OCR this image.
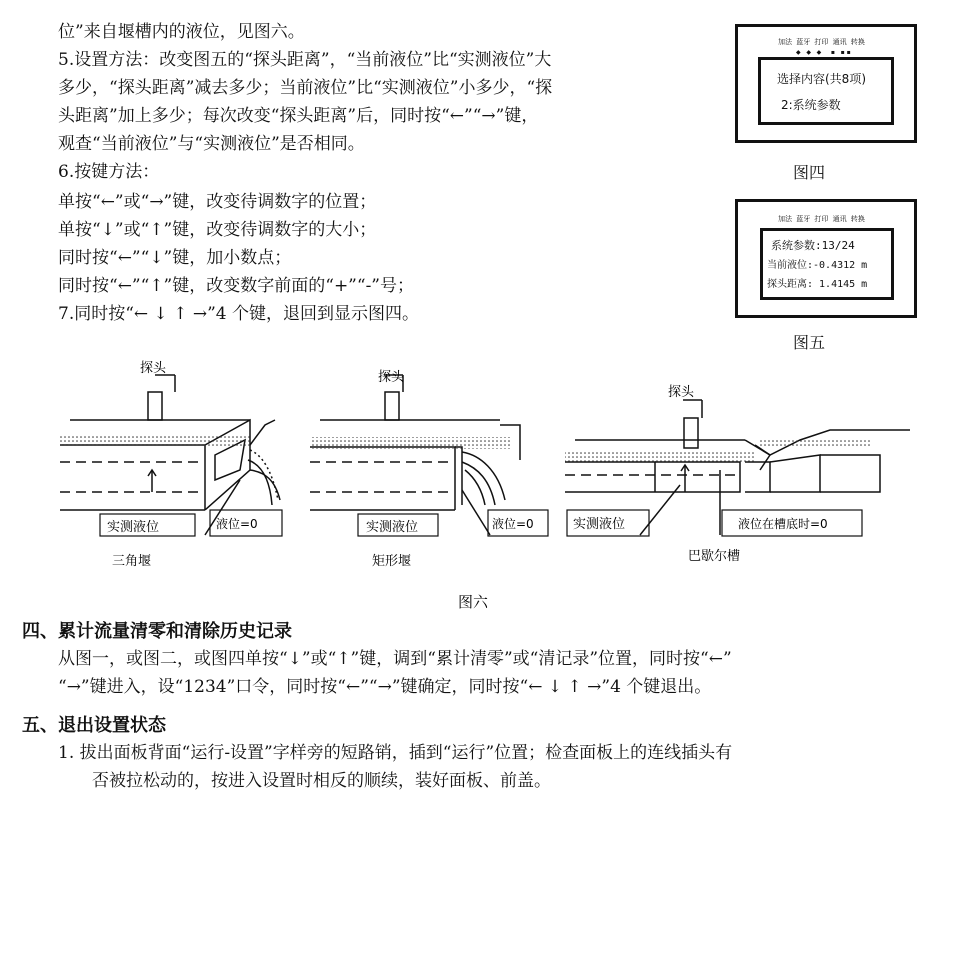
位”来自堰槽内的液位，见图六。
5.设置方法：改变图五的“探头距离”，“当前液位”比“实测液位”大
多少，“探头距离”减去多少；当前液位”比“实测液位”小多少，“探
头距离”加上多少；每次改变“探头距离”后，同时按“←”“→”键，
观查“当前液位”与“实测液位”是否相同。
6.按键方法：
单按“←”或“→”键，改变待调数字的位置；
单按“↓”或“↑”键，改变待调数字的大小；
同时按“←”“↓”键，加小数点；
同时按“←”“↑”键，改变数字前面的“+”“-”号；
7.同时按“← ↓ ↑ →”4 个键，退回到显示图四。
加法 蓝牙 打印 通讯 转换
◆   ◆   ◆     ▪   ▪ ▪
选择内容(共8项)
2:系统参数
图四
加法 蓝牙 打印 通讯 转换
系统参数:13/24
当前液位:-0.4312 m
探头距离: 1.4145 m
图五
探头
探头
探头
实测液位	液位=0	实测液位	液位=0	实测液位	液位在槽底时=0
三角堰	矩形堰	巴歇尔槽
图六
四、累计流量清零和清除历史记录
从图一，或图二，或图四单按“↓”或“↑”键，调到“累计清零”或“清记录”位置，同时按“←”
“→”键进入，设“1234”口令，同时按“←”“→”键确定，同时按“← ↓ ↑ →”4 个键退出。
五、退出设置状态
1. 拔出面板背面“运行-设置”字样旁的短路销，插到“运行”位置；检查面板上的连线插头有
否被拉松动的，按进入设置时相反的顺续，装好面板、前盖。
